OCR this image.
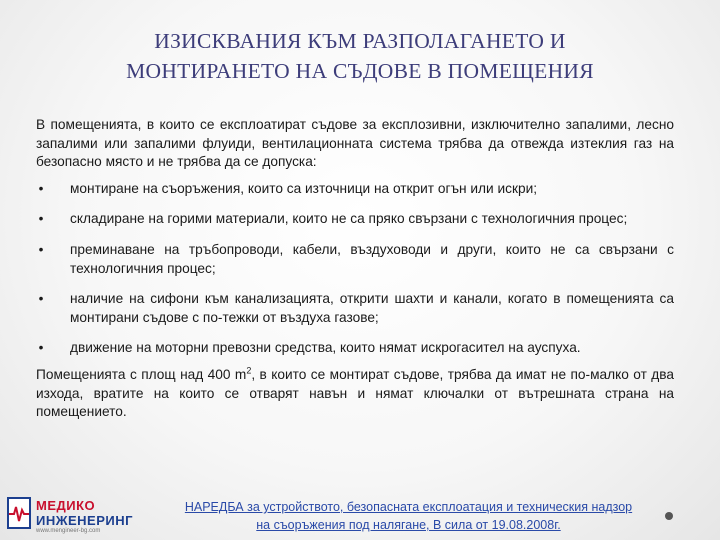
ИЗИСКВАНИЯ КЪМ РАЗПОЛАГАНЕТО И
МОНТИРАНЕТО НА СЪДОВЕ В ПОМЕЩЕНИЯ
В помещенията, в които се експлоатират съдове за експлозивни, изключително запалими, лесно запалими или запалими флуиди, вентилационната система трябва да отвежда изтеклия газ на безопасно място и не трябва да се допуска:
• монтиране на съоръжения, които са източници на открит огън или искри;
• складиране на горими материали, които не са пряко свързани с технологичния процес;
• преминаване на тръбопроводи, кабели, въздуховоди и други, които не са свързани с технологичния процес;
• наличие на сифони към канализацията, открити шахти и канали, когато в помещенията са монтирани съдове с по-тежки от въздуха газове;
• движение на моторни превозни средства, които нямат искрогасител на ауспуха.
Помещенията с площ над 400 $m^2$, в които се монтират съдове, трябва да имат не по-малко от два изхода, вратите на които се отварят навън и нямат ключалки от вътрешната страна на помещението.
МЕДИКО
ИНЖЕНЕРИНГ
www.mengineer-bg.com
НАРЕДБА за устройството, безопасната експлоатация и техническия надзор
на съоръжения под налягане, В сила от 19.08.2008г.
